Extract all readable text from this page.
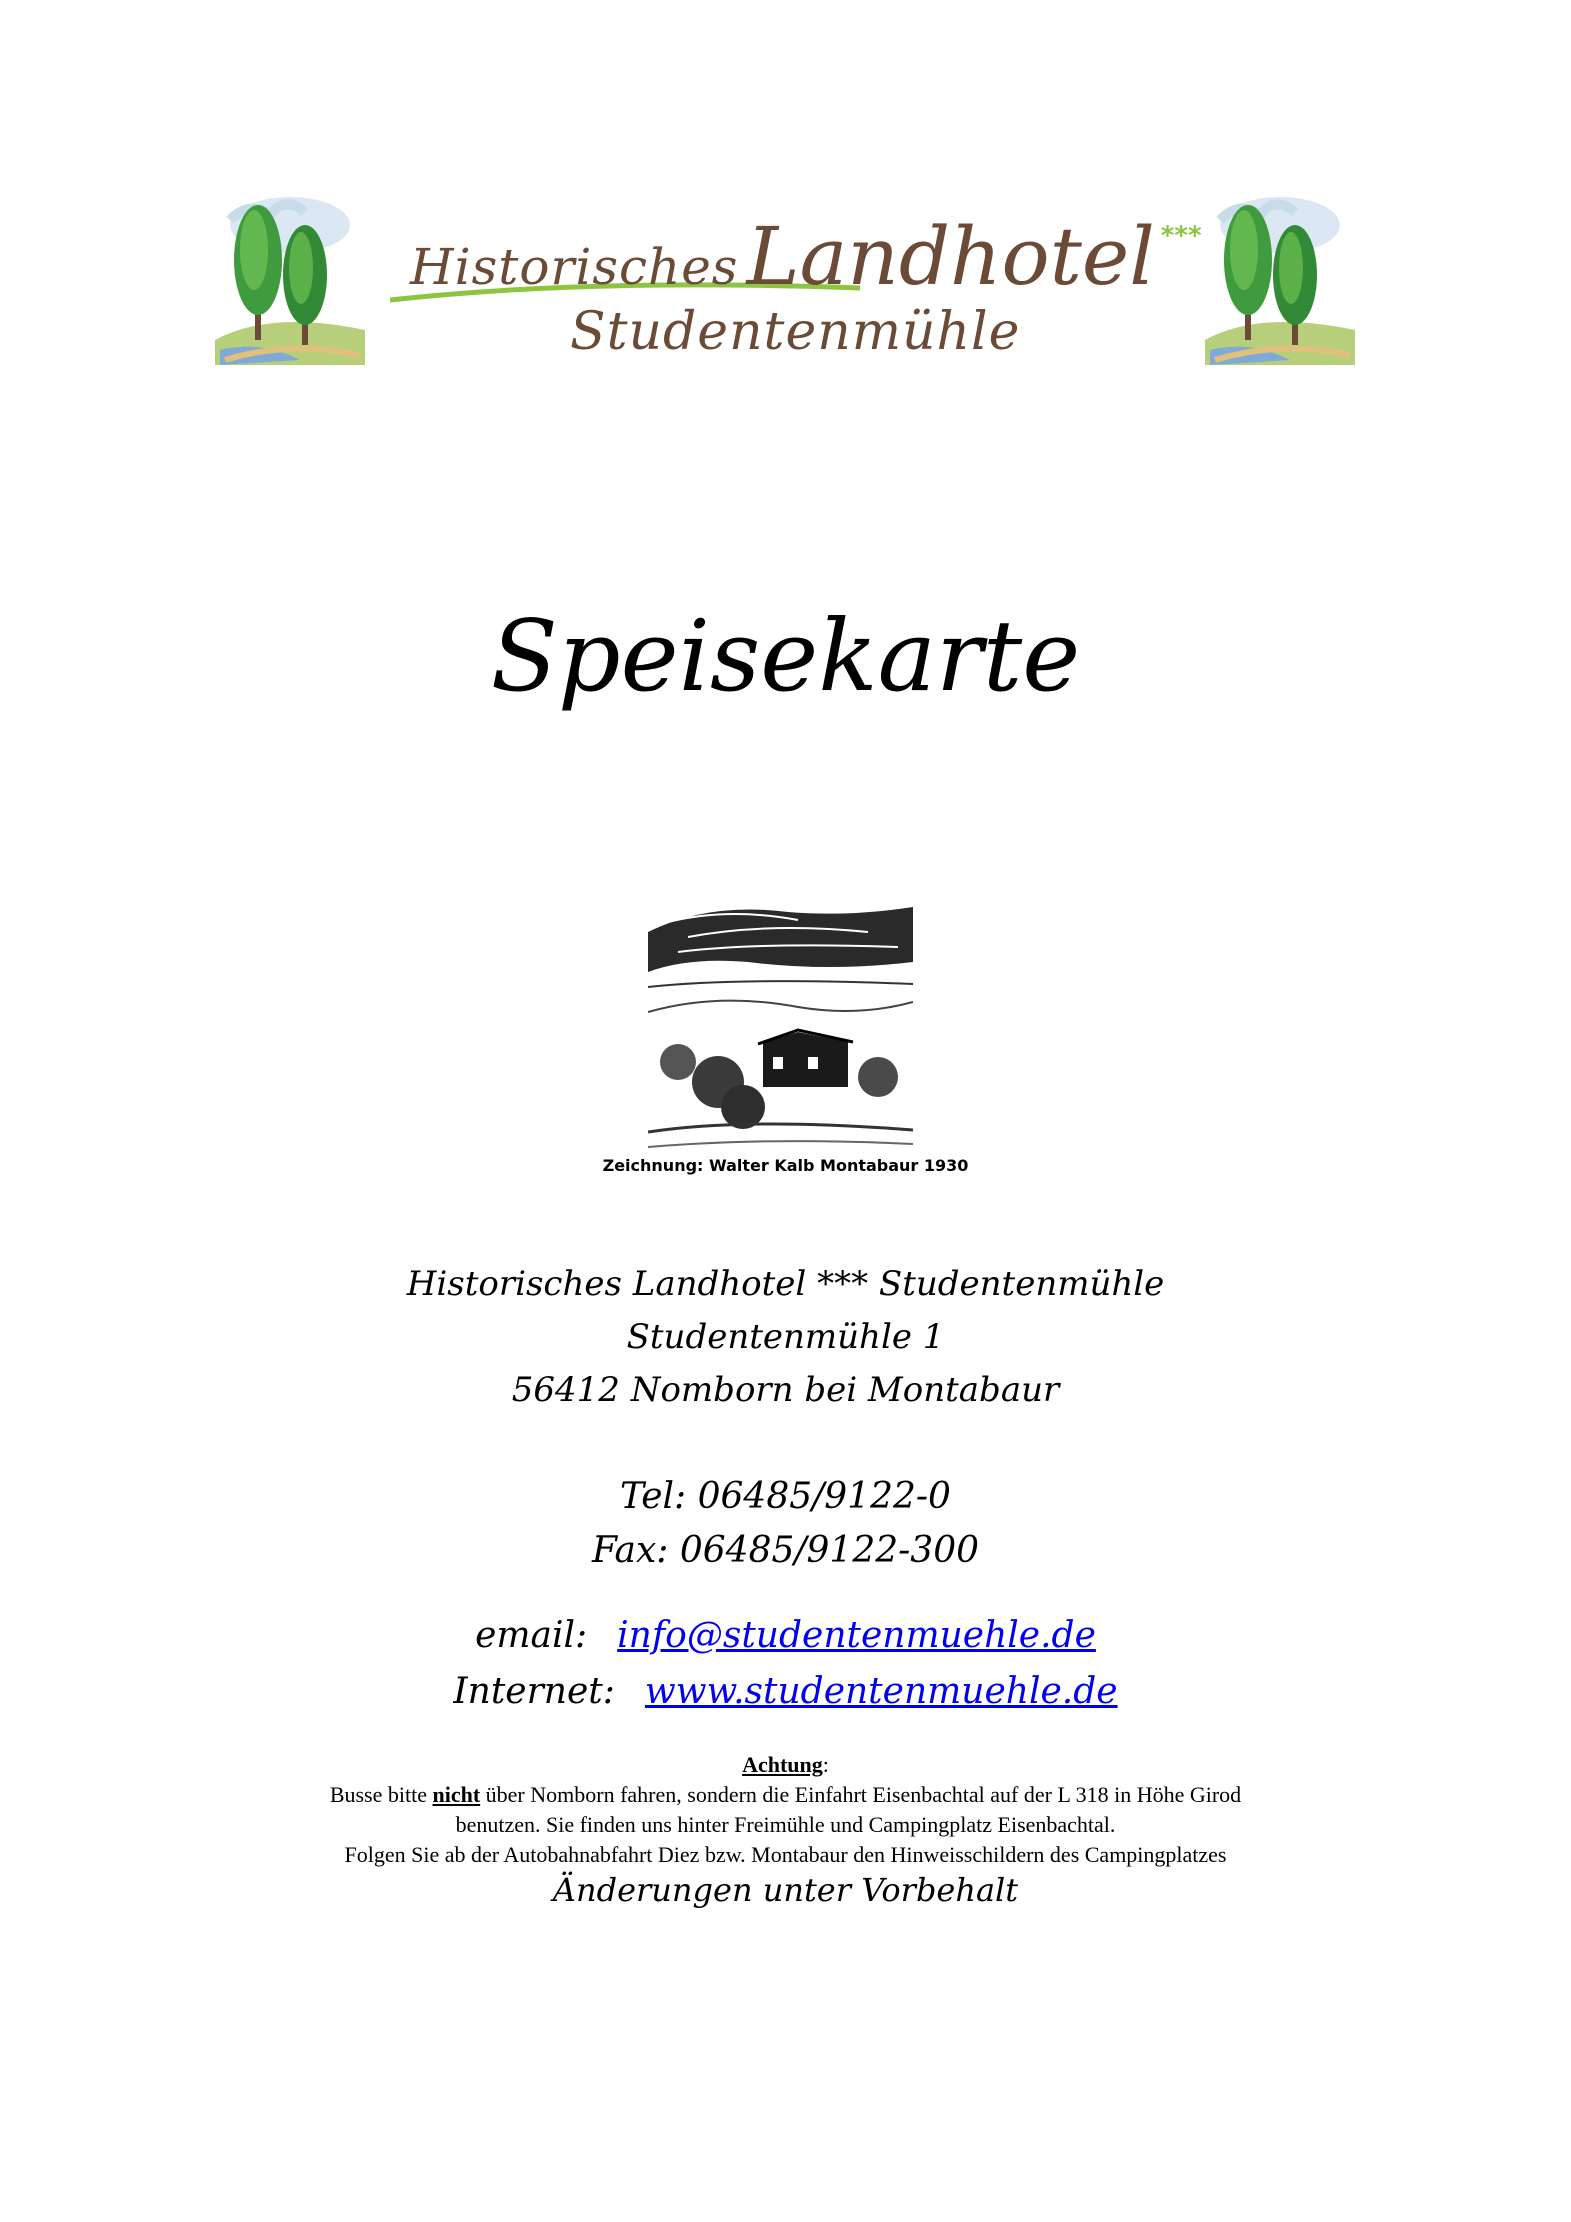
Historisches Landhotel ***
Studentenmühle
Speisekarte
Zeichnung: Walter Kalb Montabaur 1930
Historisches Landhotel *** Studentenmühle
Studentenmühle 1
56412 Nomborn bei Montabaur
Tel: 06485/9122-0
Fax: 06485/9122-300
email: info@studentenmuehle.de
Internet: www.studentenmuehle.de
Achtung:
Busse bitte nicht über Nomborn fahren, sondern die Einfahrt Eisenbachtal auf der L 318 in Höhe Girod
benutzen. Sie finden uns hinter Freimühle und Campingplatz Eisenbachtal.
Folgen Sie ab der Autobahnabfahrt Diez bzw. Montabaur den Hinweisschildern des Campingplatzes
Änderungen unter Vorbehalt
